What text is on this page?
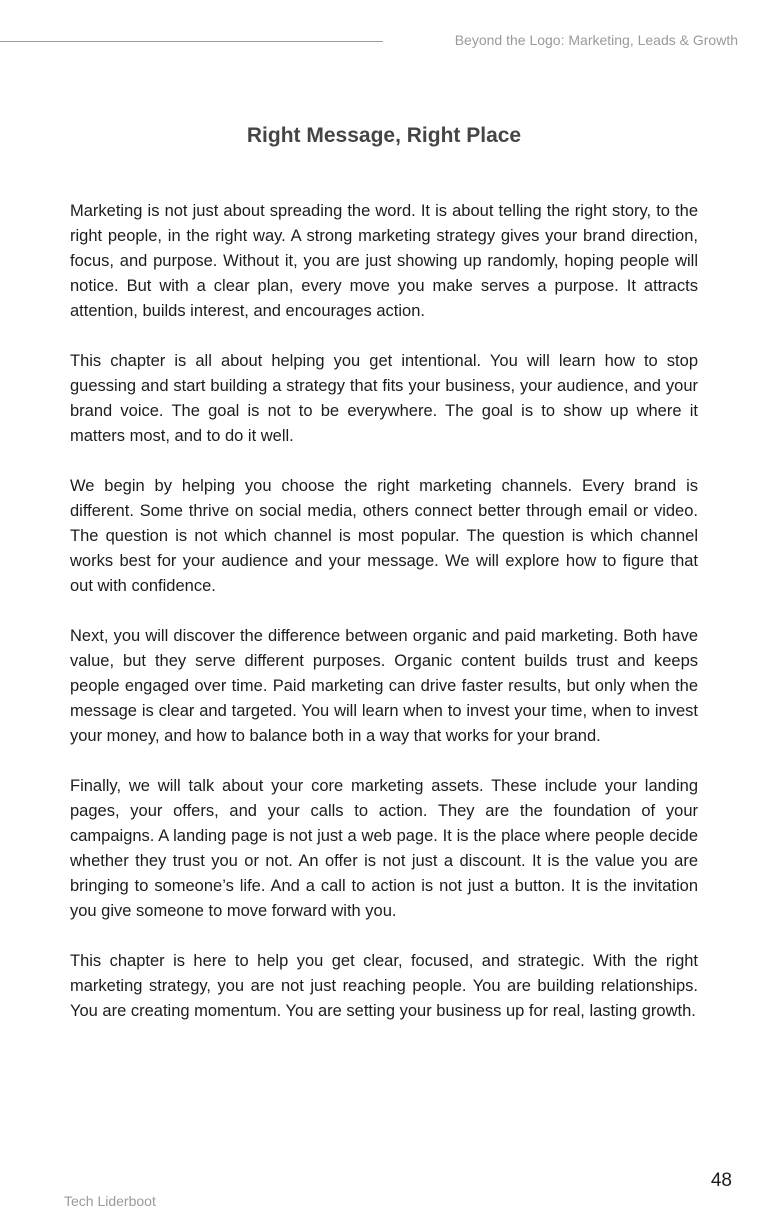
Beyond the Logo: Marketing, Leads & Growth
Right Message, Right Place

Marketing is not just about spreading the word. It is about telling the right story, to the right people, in the right way. A strong marketing strategy gives your brand direction, focus, and purpose. Without it, you are just showing up randomly, hoping people will notice. But with a clear plan, every move you make serves a purpose. It attracts attention, builds interest, and encourages action.

This chapter is all about helping you get intentional. You will learn how to stop guessing and start building a strategy that fits your business, your audience, and your brand voice. The goal is not to be everywhere. The goal is to show up where it matters most, and to do it well.

We begin by helping you choose the right marketing channels. Every brand is different. Some thrive on social media, others connect better through email or video. The question is not which channel is most popular. The question is which channel works best for your audience and your message. We will explore how to figure that out with confidence.

Next, you will discover the difference between organic and paid marketing. Both have value, but they serve different purposes. Organic content builds trust and keeps people engaged over time. Paid marketing can drive faster results, but only when the message is clear and targeted. You will learn when to invest your time, when to invest your money, and how to balance both in a way that works for your brand.

Finally, we will talk about your core marketing assets. These include your landing pages, your offers, and your calls to action. They are the foundation of your campaigns. A landing page is not just a web page. It is the place where people decide whether they trust you or not. An offer is not just a discount. It is the value you are bringing to someone’s life. And a call to action is not just a button. It is the invitation you give someone to move forward with you.

This chapter is here to help you get clear, focused, and strategic. With the right marketing strategy, you are not just reaching people. You are building relationships. You are creating momentum. You are setting your business up for real, lasting growth.

48
Tech Liderboot
